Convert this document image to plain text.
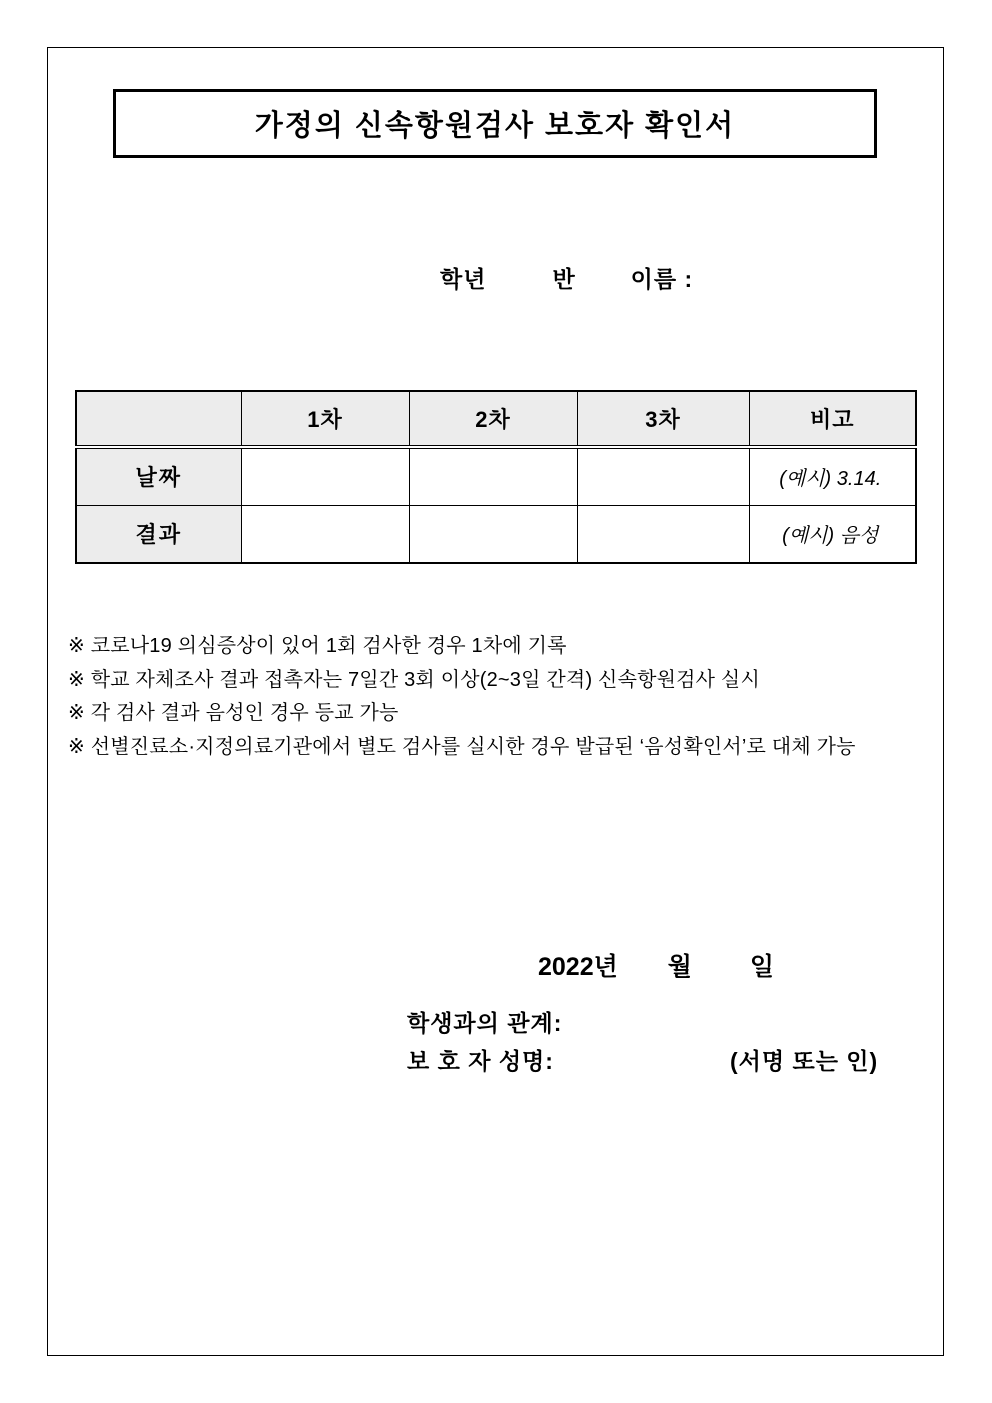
가정의 신속항원검사 보호자 확인서
학년	반 이름 :
	1차	2차	3차	비고
날짜				(예시) 3.14.
결과				(예시) 음성
※ 코로나19 의심증상이 있어 1회 검사한 경우 1차에 기록
※ 학교 자체조사 결과 접촉자는 7일간 3회 이상(2~3일 간격) 신속항원검사 실시
※ 각 검사 결과 음성인 경우 등교 가능
※ 선별진료소·지정의료기관에서 별도 검사를 실시한 경우 발급된 ‘음성확인서’로 대체 가능
2022년 월 일
학생과의 관계:
보 호 자 성명:	(서명 또는 인)
